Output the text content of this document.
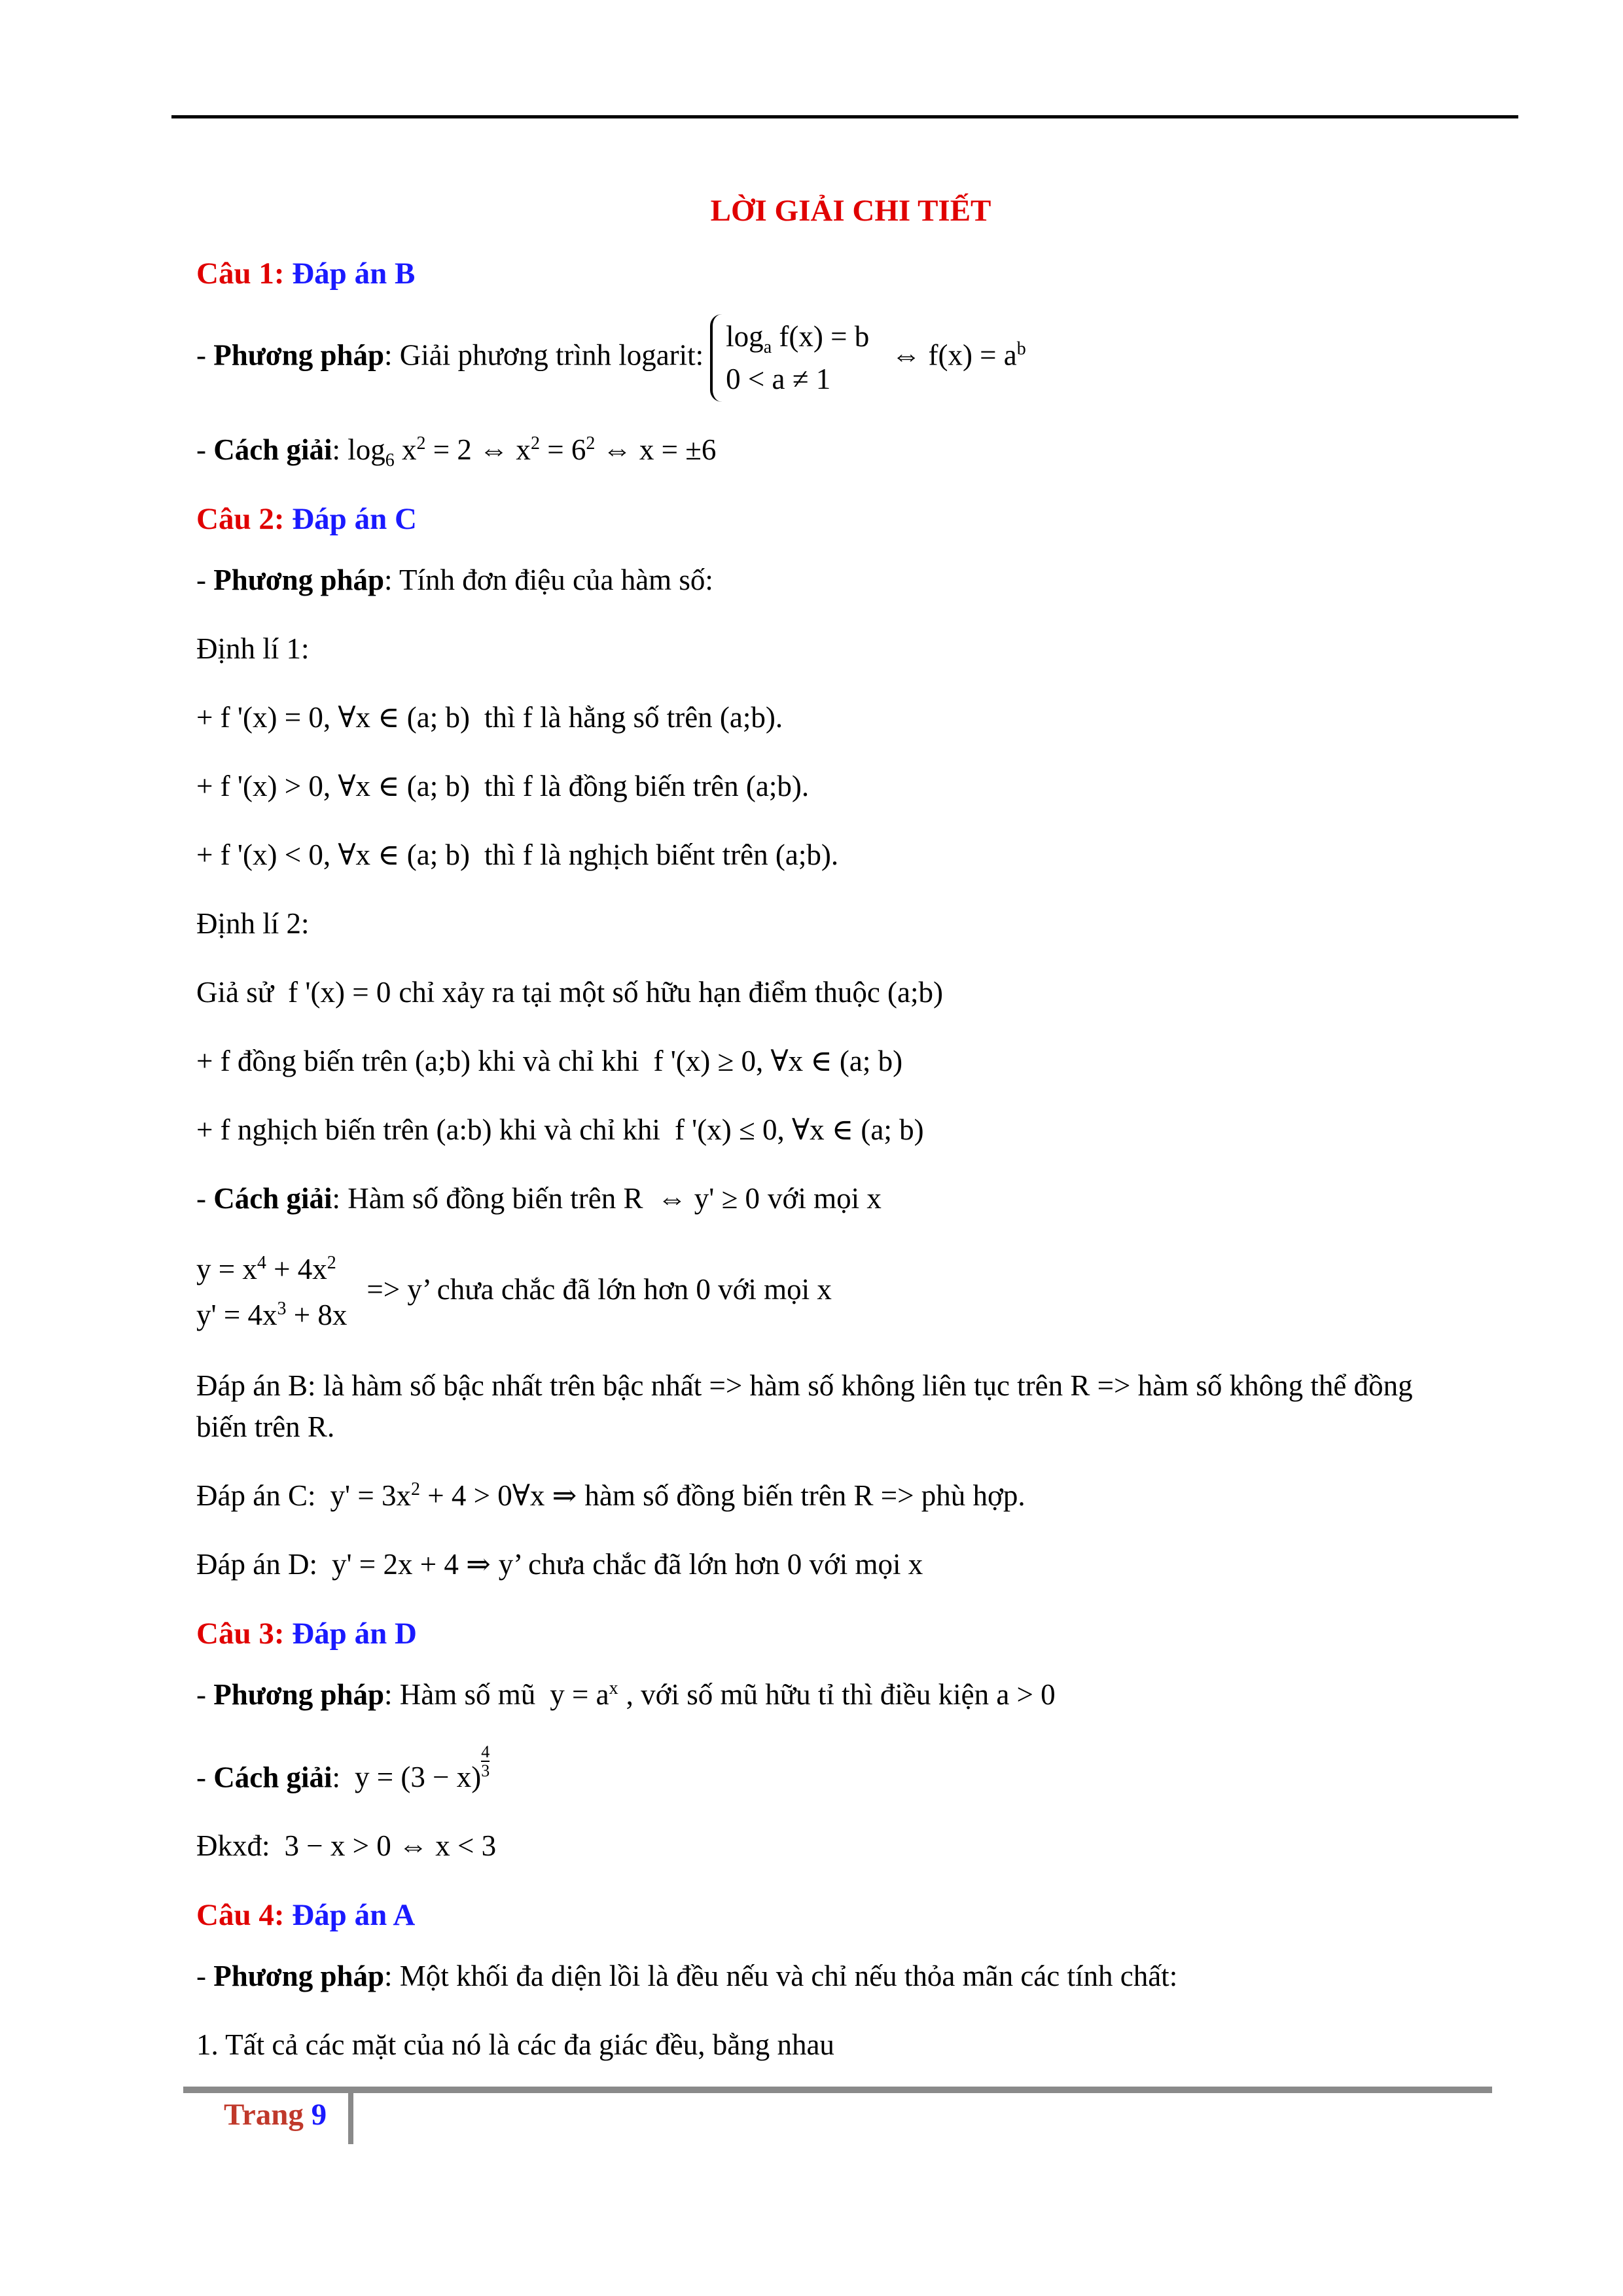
LỜI GIẢI CHI TIẾT
Câu 1: Đáp án B
- Phương pháp: Giải phương trình $logarit:\log_a$ f(x) = b
0 < a ≠ 1⇔ $f(x) = a^b$
- Cách giải: $\log_6 x^2 = 2$ ⇔ $x^2 = 6^2$ ⇔ x = ±6
Câu 2: Đáp án C
- Phương pháp: Tính đơn điệu của hàm số:
Định lí 1:
+ f '(x) = 0, ∀x ∈ (a; b) thì f là hằng số trên (a;b).
+ f '(x) > 0, ∀x ∈ (a; b) thì f là đồng biến trên (a;b).
+ f '(x) < 0, ∀x ∈ (a; b) thì f là nghịch biếnt trên (a;b).
Định lí 2:
Giả sử f '(x) = 0 chỉ xảy ra tại một số hữu hạn điểm thuộc (a;b)
+ f đồng biến trên (a;b) khi và chỉ khi f '(x) ≥ 0, ∀x ∈ (a; b)
+ f nghịch biến trên (a:b) khi và chỉ khi f '(x) ≤ 0, ∀x ∈ (a; b)
- Cách giải: Hàm số đồng biến trên R ⇔ y' ≥ 0 với mọi x
$y = x^4 + 4x^2$
$y' = 4x^3 + 8x=> y$’ chưa chắc đã lớn hơn 0 với mọi x
Đáp án B: là hàm số bậc nhất trên bậc nhất => hàm số không liên tục trên R => hàm số không thể đồng biến trên R.
Đáp án C: $y' = 3x^2 + 4$ > 0∀x ⇒ hàm số đồng biến trên R => phù hợp.
Đáp án D: y' = 2x + 4 ⇒ y’ chưa chắc đã lớn hơn 0 với mọi x
Câu 3: Đáp án D
- Phương pháp: Hàm số mũ $y = a^x$ , với số mũ hữu tỉ thì điều kiện a > 0
- Cách giải: $y = (3 - x) \frac{4}{3}$
Đkxđ: 3 − x > 0 ⇔ x < 3
Câu 4: Đáp án A
- Phương pháp: Một khối đa diện lồi là đều nếu và chỉ nếu thỏa mãn các tính chất:
1. Tất cả các mặt của nó là các đa giác đều, bằng nhau
Trang 9
